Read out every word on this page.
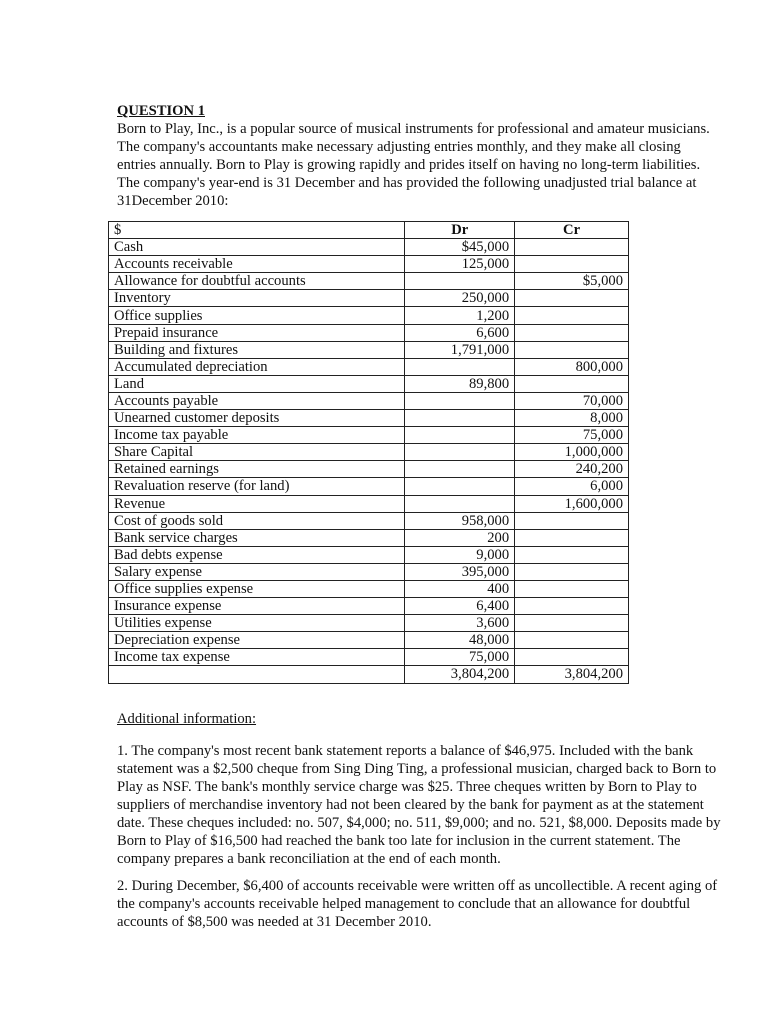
QUESTION 1
Born to Play, Inc., is a popular source of musical instruments for professional and amateur musicians. The company's accountants make necessary adjusting entries monthly, and they make all closing entries annually. Born to Play is growing rapidly and prides itself on having no long-term liabilities. The company's year-end is 31 December and has provided the following unadjusted trial balance at 31December 2010:
$	Dr	Cr
Cash	$45,000	
Accounts receivable	125,000	
Allowance for doubtful accounts		$5,000
Inventory	250,000	
Office supplies	1,200	
Prepaid insurance	6,600	
Building and fixtures	1,791,000	
Accumulated depreciation		800,000
Land	89,800	
Accounts payable		70,000
Unearned customer deposits		8,000
Income tax payable		75,000
Share Capital		1,000,000
Retained earnings		240,200
Revaluation reserve (for land)		6,000
Revenue		1,600,000
Cost of goods sold	958,000	
Bank service charges	200	
Bad debts expense	9,000	
Salary expense	395,000	
Office supplies expense	400	
Insurance expense	6,400	
Utilities expense	3,600	
Depreciation expense	48,000	
Income tax expense	75,000	
	3,804,200	3,804,200
Additional information:
1. The company's most recent bank statement reports a balance of $46,975. Included with the bank statement was a $2,500 cheque from Sing Ding Ting, a professional musician, charged back to Born to Play as NSF. The bank's monthly service charge was $25. Three cheques written by Born to Play to suppliers of merchandise inventory had not been cleared by the bank for payment as at the statement date. These cheques included: no. 507, $4,000; no. 511, $9,000; and no. 521, $8,000. Deposits made by Born to Play of $16,500 had reached the bank too late for inclusion in the current statement. The company prepares a bank reconciliation at the end of each month.
2. During December, $6,400 of accounts receivable were written off as uncollectible. A recent aging of the company's accounts receivable helped management to conclude that an allowance for doubtful accounts of $8,500 was needed at 31 December 2010.
